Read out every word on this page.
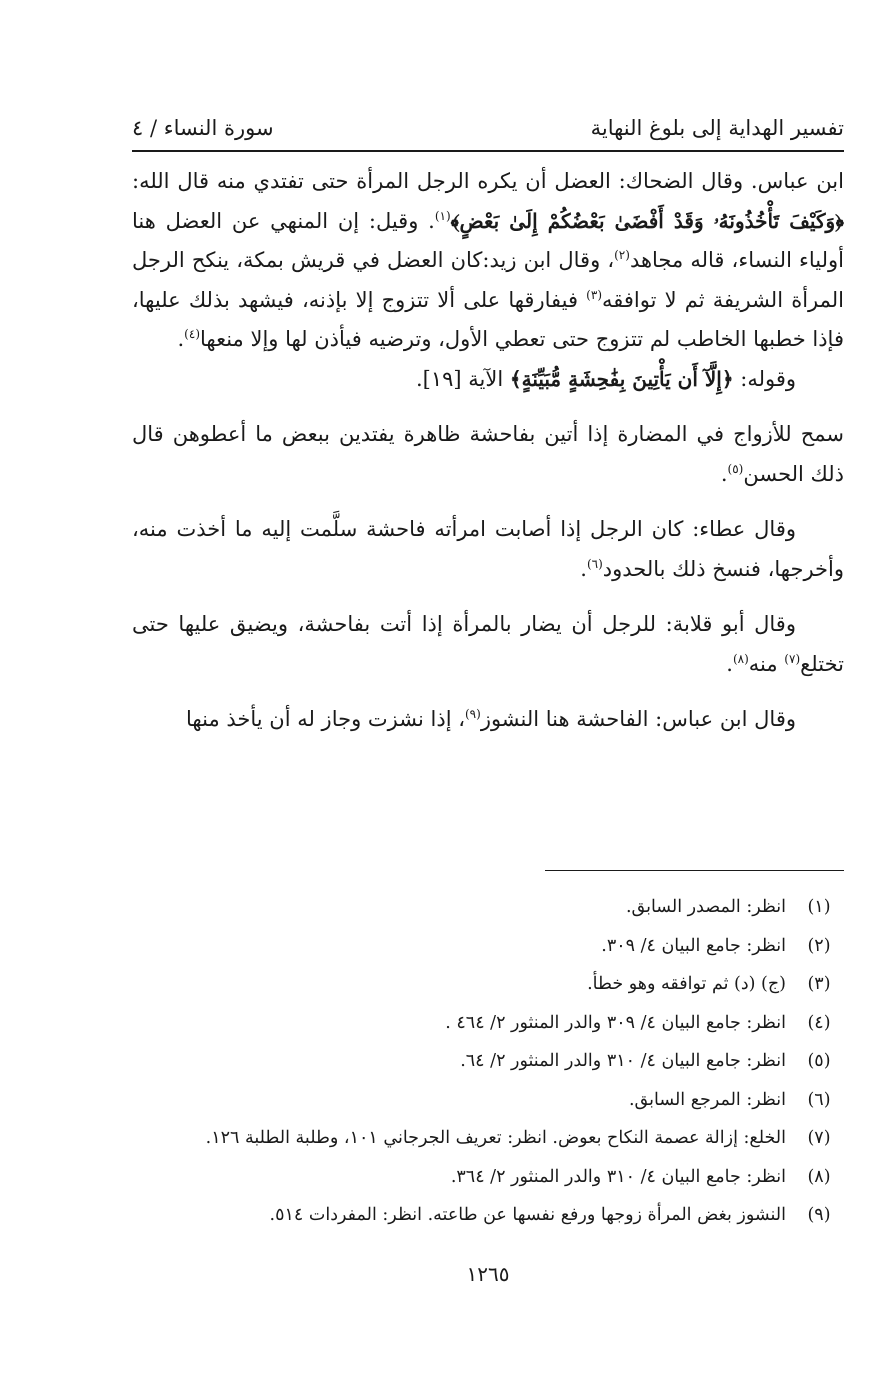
تفسير الهداية إلى بلوغ النهاية
سورة النساء / ٤

ابن عباس. وقال الضحاك: العضل أن يكره الرجل المرأة حتى تفتدي منه قال الله: ﴿وَكَيْفَ تَأْخُذُونَهُۥ وَقَدْ أَفْضَىٰ بَعْضُكُمْ إِلَىٰ بَعْضٍ﴾$^{(١)}$. وقيل: إن المنهي عن العضل هنا أولياء النساء، قاله مجاهد$^{(٢)}$، وقال ابن زيد:كان العضل في قريش بمكة، ينكح الرجل المرأة الشريفة ثم لا توافقه$^{(٣)}$ فيفارقها على ألا تتزوج إلا بإذنه، فيشهد بذلك عليها، فإذا خطبها الخاطب لم تتزوج حتى تعطي الأول، وترضيه فيأذن لها وإلا منعها$^{(٤)}$.

وقوله: ﴿إِلَّآ أَن يَأْتِينَ بِفَٰحِشَةٍ مُّبَيِّنَةٍ﴾ الآية [١٩].

سمح للأزواج في المضارة إذا أتين بفاحشة ظاهرة يفتدين ببعض ما أعطوهن قال ذلك الحسن$^{(٥)}$.

وقال عطاء: كان الرجل إذا أصابت امرأته فاحشة سلَّمت إليه ما أخذت منه، وأخرجها، فنسخ ذلك بالحدود$^{(٦)}$.

وقال أبو قلابة: للرجل أن يضار بالمرأة إذا أتت بفاحشة، ويضيق عليها حتى تختلع$^{(٧)}$ منه$^{(٨)}$.

وقال ابن عباس: الفاحشة هنا النشوز$^{(٩)}$، إذا نشزت وجاز له أن يأخذ منها

(١)
انظر: المصدر السابق.
(٢)
انظر: جامع البيان ٤/ ٣٠٩.
(٣)
(ج) (د) ثم توافقه وهو خطأ.
(٤)
انظر: جامع البيان ٤/ ٣٠٩ والدر المنثور ٢/ ٤٦٤ .
(٥)
انظر: جامع البيان ٤/ ٣١٠ والدر المنثور ٢/ ٦٤.
(٦)
انظر: المرجع السابق.
(٧)
الخلع: إزالة عصمة النكاح بعوض. انظر: تعريف الجرجاني ١٠١، وطلبة الطلبة ١٢٦.
(٨)
انظر: جامع البيان ٤/ ٣١٠ والدر المنثور ٢/ ٣٦٤.
(٩)
النشوز بغض المرأة زوجها ورفع نفسها عن طاعته. انظر: المفردات ٥١٤.
١٢٦٥
